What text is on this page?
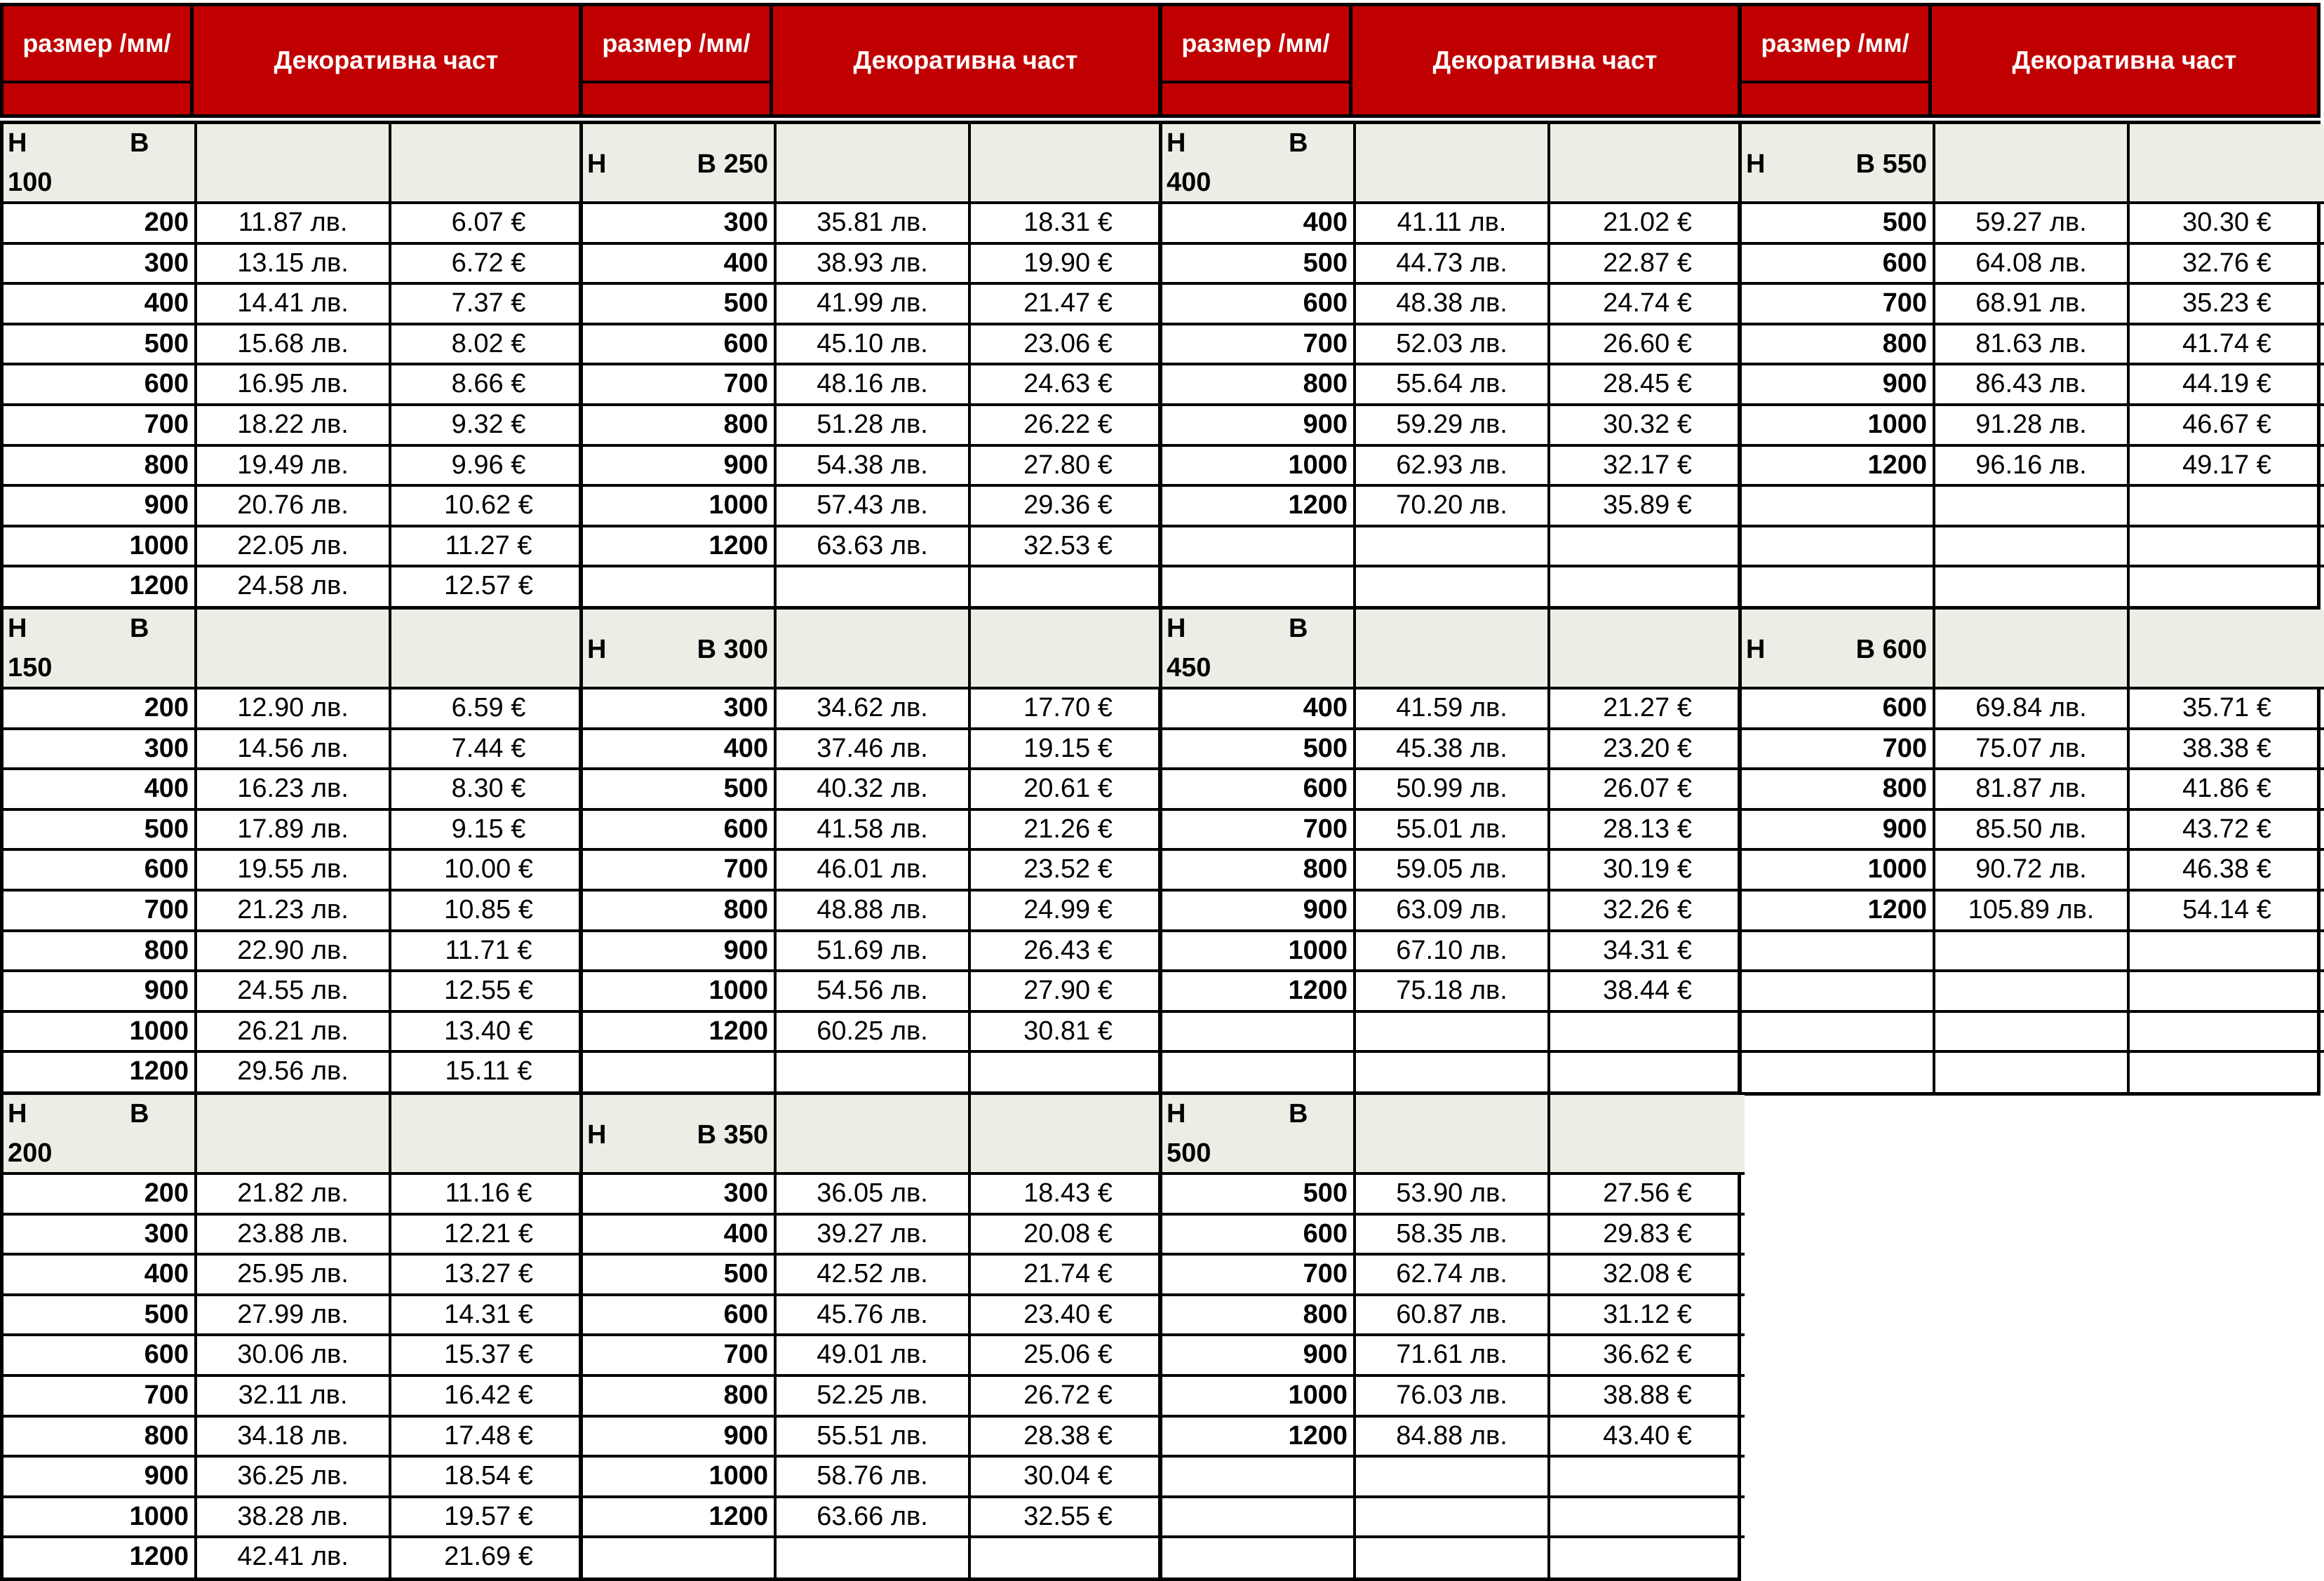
размер /мм/
Декоративна част
размер /мм/
Декоративна част
размер /мм/
Декоративна част
размер /мм/
Декоративна част
H	B
100
200	11.87 лв.	6.07 €
300	13.15 лв.	6.72 €
400	14.41 лв.	7.37 €
500	15.68 лв.	8.02 €
600	16.95 лв.	8.66 €
700	18.22 лв.	9.32 €
800	19.49 лв.	9.96 €
900	20.76 лв.	10.62 €
1000	22.05 лв.	11.27 €
1200	24.58 лв.	12.57 €
H	B 250
300	35.81 лв.	18.31 €
400	38.93 лв.	19.90 €
500	41.99 лв.	21.47 €
600	45.10 лв.	23.06 €
700	48.16 лв.	24.63 €
800	51.28 лв.	26.22 €
900	54.38 лв.	27.80 €
1000	57.43 лв.	29.36 €
1200	63.63 лв.	32.53 €
H	B
400
400	41.11 лв.	21.02 €
500	44.73 лв.	22.87 €
600	48.38 лв.	24.74 €
700	52.03 лв.	26.60 €
800	55.64 лв.	28.45 €
900	59.29 лв.	30.32 €
1000	62.93 лв.	32.17 €
1200	70.20 лв.	35.89 €
H	B 550
500	59.27 лв.	30.30 €
600	64.08 лв.	32.76 €
700	68.91 лв.	35.23 €
800	81.63 лв.	41.74 €
900	86.43 лв.	44.19 €
1000	91.28 лв.	46.67 €
1200	96.16 лв.	49.17 €
H	B
150
200	12.90 лв.	6.59 €
300	14.56 лв.	7.44 €
400	16.23 лв.	8.30 €
500	17.89 лв.	9.15 €
600	19.55 лв.	10.00 €
700	21.23 лв.	10.85 €
800	22.90 лв.	11.71 €
900	24.55 лв.	12.55 €
1000	26.21 лв.	13.40 €
1200	29.56 лв.	15.11 €
H	B 300
300	34.62 лв.	17.70 €
400	37.46 лв.	19.15 €
500	40.32 лв.	20.61 €
600	41.58 лв.	21.26 €
700	46.01 лв.	23.52 €
800	48.88 лв.	24.99 €
900	51.69 лв.	26.43 €
1000	54.56 лв.	27.90 €
1200	60.25 лв.	30.81 €
H	B
450
400	41.59 лв.	21.27 €
500	45.38 лв.	23.20 €
600	50.99 лв.	26.07 €
700	55.01 лв.	28.13 €
800	59.05 лв.	30.19 €
900	63.09 лв.	32.26 €
1000	67.10 лв.	34.31 €
1200	75.18 лв.	38.44 €
H	B 600
600	69.84 лв.	35.71 €
700	75.07 лв.	38.38 €
800	81.87 лв.	41.86 €
900	85.50 лв.	43.72 €
1000	90.72 лв.	46.38 €
1200	105.89 лв.	54.14 €
H	B
200
200	21.82 лв.	11.16 €
300	23.88 лв.	12.21 €
400	25.95 лв.	13.27 €
500	27.99 лв.	14.31 €
600	30.06 лв.	15.37 €
700	32.11 лв.	16.42 €
800	34.18 лв.	17.48 €
900	36.25 лв.	18.54 €
1000	38.28 лв.	19.57 €
1200	42.41 лв.	21.69 €
H	B 350
300	36.05 лв.	18.43 €
400	39.27 лв.	20.08 €
500	42.52 лв.	21.74 €
600	45.76 лв.	23.40 €
700	49.01 лв.	25.06 €
800	52.25 лв.	26.72 €
900	55.51 лв.	28.38 €
1000	58.76 лв.	30.04 €
1200	63.66 лв.	32.55 €
H	B
500
500	53.90 лв.	27.56 €
600	58.35 лв.	29.83 €
700	62.74 лв.	32.08 €
800	60.87 лв.	31.12 €
900	71.61 лв.	36.62 €
1000	76.03 лв.	38.88 €
1200	84.88 лв.	43.40 €
